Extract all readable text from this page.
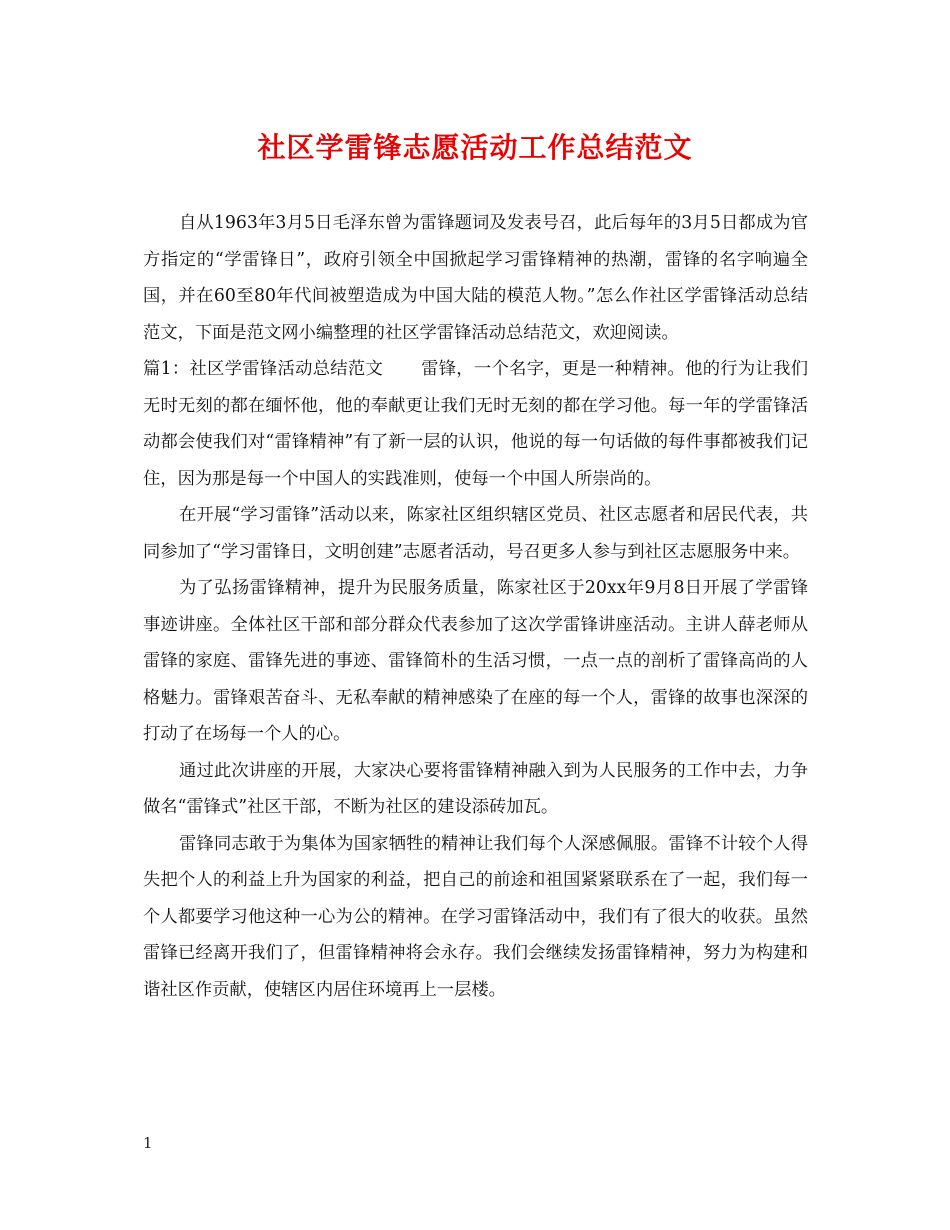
社区学雷锋志愿活动工作总结范文

自从1963年3月5日毛泽东曾为雷锋题词及发表号召，此后每年的3月5日都成为官方指定的“学雷锋日”，政府引领全中国掀起学习雷锋精神的热潮，雷锋的名字响遍全国，并在60至80年代间被塑造成为中国大陆的模范人物。”怎么作社区学雷锋活动总结范文，下面是范文网小编整理的社区学雷锋活动总结范文，欢迎阅读。

篇1：社区学雷锋活动总结范文 雷锋，一个名字，更是一种精神。他的行为让我们无时无刻的都在缅怀他，他的奉献更让我们无时无刻的都在学习他。每一年的学雷锋活动都会使我们对“雷锋精神”有了新一层的认识，他说的每一句话做的每件事都被我们记住，因为那是每一个中国人的实践准则，使每一个中国人所崇尚的。

在开展“学习雷锋”活动以来，陈家社区组织辖区党员、社区志愿者和居民代表，共同参加了“学习雷锋日，文明创建”志愿者活动，号召更多人参与到社区志愿服务中来。

为了弘扬雷锋精神，提升为民服务质量，陈家社区于20xx年9月8日开展了学雷锋事迹讲座。全体社区干部和部分群众代表参加了这次学雷锋讲座活动。主讲人薛老师从雷锋的家庭、雷锋先进的事迹、雷锋简朴的生活习惯，一点一点的剖析了雷锋高尚的人格魅力。雷锋艰苦奋斗、无私奉献的精神感染了在座的每一个人，雷锋的故事也深深的打动了在场每一个人的心。

通过此次讲座的开展，大家决心要将雷锋精神融入到为人民服务的工作中去，力争做名“雷锋式”社区干部，不断为社区的建设添砖加瓦。

雷锋同志敢于为集体为国家牺牲的精神让我们每个人深感佩服。雷锋不计较个人得失把个人的利益上升为国家的利益，把自己的前途和祖国紧紧联系在了一起，我们每一个人都要学习他这种一心为公的精神。在学习雷锋活动中，我们有了很大的收获。虽然雷锋已经离开我们了，但雷锋精神将会永存。我们会继续发扬雷锋精神，努力为构建和谐社区作贡献，使辖区内居住环境再上一层楼。

1
